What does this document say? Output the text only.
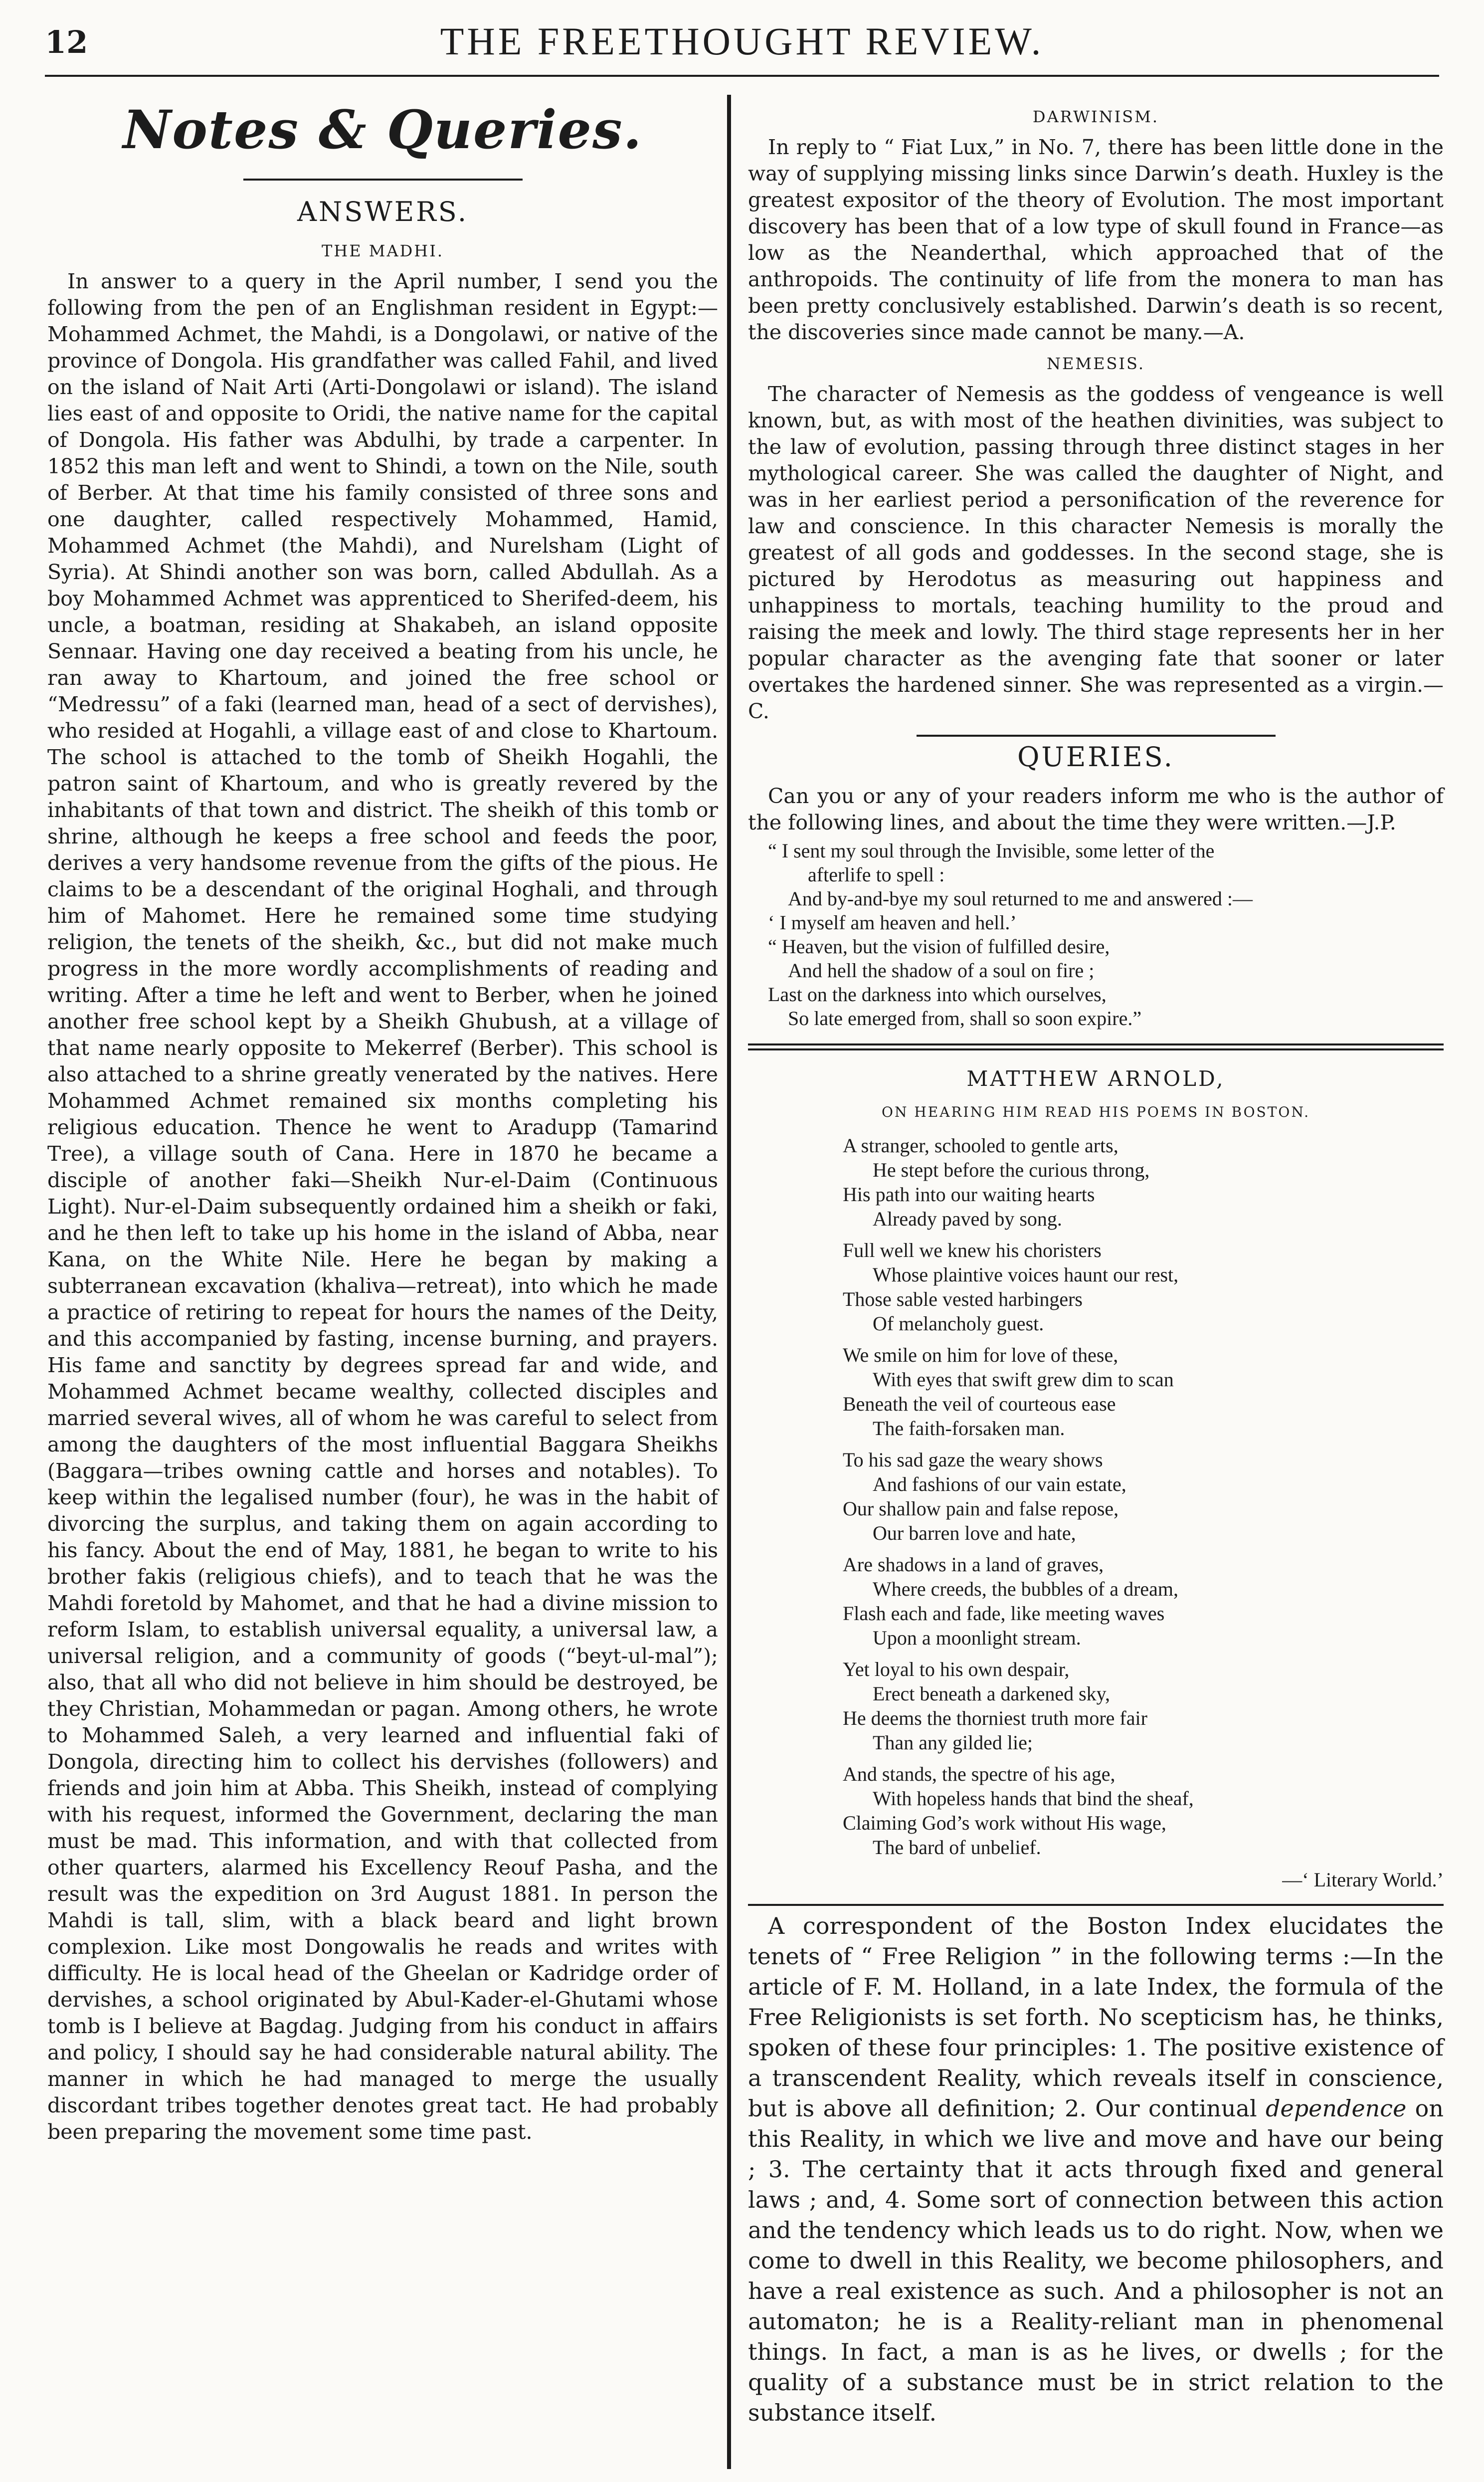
12	THE FREETHOUGHT REVIEW.
Notes & Queries.
ANSWERS.
THE MADHI.

In answer to a query in the April number, I send you the following from the pen of an Englishman resident in Egypt:—Mohammed Achmet, the Mahdi, is a Dongolawi, or native of the province of Dongola. His grandfather was called Fahil, and lived on the island of Nait Arti (Arti-Dongolawi or island). The island lies east of and opposite to Oridi, the native name for the capital of Dongola. His father was Abdulhi, by trade a carpenter. In 1852 this man left and went to Shindi, a town on the Nile, south of Berber. At that time his family consisted of three sons and one daughter, called respectively Mohammed, Hamid, Mohammed Achmet (the Mahdi), and Nurelsham (Light of Syria). At Shindi another son was born, called Abdullah. As a boy Mohammed Achmet was apprenticed to Sherifed-deem, his uncle, a boatman, residing at Shakabeh, an island opposite Sennaar. Having one day received a beating from his uncle, he ran away to Khartoum, and joined the free school or “Medressu” of a faki (learned man, head of a sect of dervishes), who resided at Hogahli, a village east of and close to Khartoum. The school is attached to the tomb of Sheikh Hogahli, the patron saint of Khartoum, and who is greatly revered by the inhabitants of that town and district. The sheikh of this tomb or shrine, although he keeps a free school and feeds the poor, derives a very handsome revenue from the gifts of the pious. He claims to be a descendant of the original Hoghali, and through him of Mahomet. Here he remained some time studying religion, the tenets of the sheikh, &c., but did not make much progress in the more wordly accomplishments of reading and writing. After a time he left and went to Berber, when he joined another free school kept by a Sheikh Ghubush, at a village of that name nearly opposite to Mekerref (Berber). This school is also attached to a shrine greatly venerated by the natives. Here Mohammed Achmet remained six months completing his religious education. Thence he went to Aradupp (Tamarind Tree), a village south of Cana. Here in 1870 he became a disciple of another faki—Sheikh Nur-el-Daim (Continuous Light). Nur-el-Daim subsequently ordained him a sheikh or faki, and he then left to take up his home in the island of Abba, near Kana, on the White Nile. Here he began by making a subterranean excavation (khaliva—retreat), into which he made a practice of retiring to repeat for hours the names of the Deity, and this accompanied by fasting, incense burning, and prayers. His fame and sanctity by degrees spread far and wide, and Mohammed Achmet became wealthy, collected disciples and married several wives, all of whom he was careful to select from among the daughters of the most influential Baggara Sheikhs (Baggara—tribes owning cattle and horses and notables). To keep within the legalised number (four), he was in the habit of divorcing the surplus, and taking them on again according to his fancy. About the end of May, 1881, he began to write to his brother fakis (religious chiefs), and to teach that he was the Mahdi foretold by Mahomet, and that he had a divine mission to reform Islam, to establish universal equality, a universal law, a universal religion, and a community of goods (“beyt-ul-mal”); also, that all who did not believe in him should be destroyed, be they Christian, Mohammedan or pagan. Among others, he wrote to Mohammed Saleh, a very learned and influential faki of Dongola, directing him to collect his dervishes (followers) and friends and join him at Abba. This Sheikh, instead of complying with his request, informed the Government, declaring the man must be mad. This information, and with that collected from other quarters, alarmed his Excellency Reouf Pasha, and the result was the expedition on 3rd August 1881. In person the Mahdi is tall, slim, with a black beard and light brown complexion. Like most Dongowalis he reads and writes with difficulty. He is local head of the Gheelan or Kadridge order of dervishes, a school originated by Abul-Kader-el-Ghutami whose tomb is I believe at Bagdag. Judging from his conduct in affairs and policy, I should say he had considerable natural ability. The manner in which he had managed to merge the usually discordant tribes together denotes great tact. He had probably been preparing the movement some time past.

DARWINISM.

In reply to “ Fiat Lux,” in No. 7, there has been little done in the way of supplying missing links since Darwin’s death. Huxley is the greatest expositor of the theory of Evolution. The most important discovery has been that of a low type of skull found in France—as low as the Neanderthal, which approached that of the anthropoids. The continuity of life from the monera to man has been pretty conclusively established. Darwin’s death is so recent, the discoveries since made cannot be many.—A.

NEMESIS.

The character of Nemesis as the goddess of vengeance is well known, but, as with most of the heathen divinities, was subject to the law of evolution, passing through three distinct stages in her mythological career. She was called the daughter of Night, and was in her earliest period a personification of the reverence for law and conscience. In this character Nemesis is morally the greatest of all gods and goddesses. In the second stage, she is pictured by Herodotus as measuring out happiness and unhappiness to mortals, teaching humility to the proud and raising the meek and lowly. The third stage represents her in her popular character as the avenging fate that sooner or later overtakes the hardened sinner. She was represented as a virgin.—C.

QUERIES.

Can you or any of your readers inform me who is the author of the following lines, and about the time they were written.—J.P.

“ I sent my soul through the Invisible, some letter of the
afterlife to spell :
And by-and-bye my soul returned to me and answered :—
‘ I myself am heaven and hell.’
“ Heaven, but the vision of fulfilled desire,
And hell the shadow of a soul on fire ;
Last on the darkness into which ourselves,
So late emerged from, shall so soon expire.”
MATTHEW ARNOLD,
ON HEARING HIM READ HIS POEMS IN BOSTON.
A stranger, schooled to gentle arts,
He stept before the curious throng,
His path into our waiting hearts
Already paved by song.
Full well we knew his choristers
Whose plaintive voices haunt our rest,
Those sable vested harbingers
Of melancholy guest.
We smile on him for love of these,
With eyes that swift grew dim to scan
Beneath the veil of courteous ease
The faith-forsaken man.
To his sad gaze the weary shows
And fashions of our vain estate,
Our shallow pain and false repose,
Our barren love and hate,
Are shadows in a land of graves,
Where creeds, the bubbles of a dream,
Flash each and fade, like meeting waves
Upon a moonlight stream.
Yet loyal to his own despair,
Erect beneath a darkened sky,
He deems the thorniest truth more fair
Than any gilded lie;
And stands, the spectre of his age,
With hopeless hands that bind the sheaf,
Claiming God’s work without His wage,
The bard of unbelief.
—‘ Literary World.’

A correspondent of the Boston Index elucidates the tenets of “ Free Religion ” in the following terms :—In the article of F. M. Holland, in a late Index, the formula of the Free Religionists is set forth. No scepticism has, he thinks, spoken of these four principles: 1. The positive existence of a transcendent Reality, which reveals itself in conscience, but is above all definition; 2. Our continual dependence on this Reality, in which we live and move and have our being ; 3. The certainty that it acts through fixed and general laws ; and, 4. Some sort of connection between this action and the tendency which leads us to do right. Now, when we come to dwell in this Reality, we become philosophers, and have a real existence as such. And a philosopher is not an automaton; he is a Reality-reliant man in phenomenal things. In fact, a man is as he lives, or dwells ; for the quality of a substance must be in strict relation to the substance itself.
